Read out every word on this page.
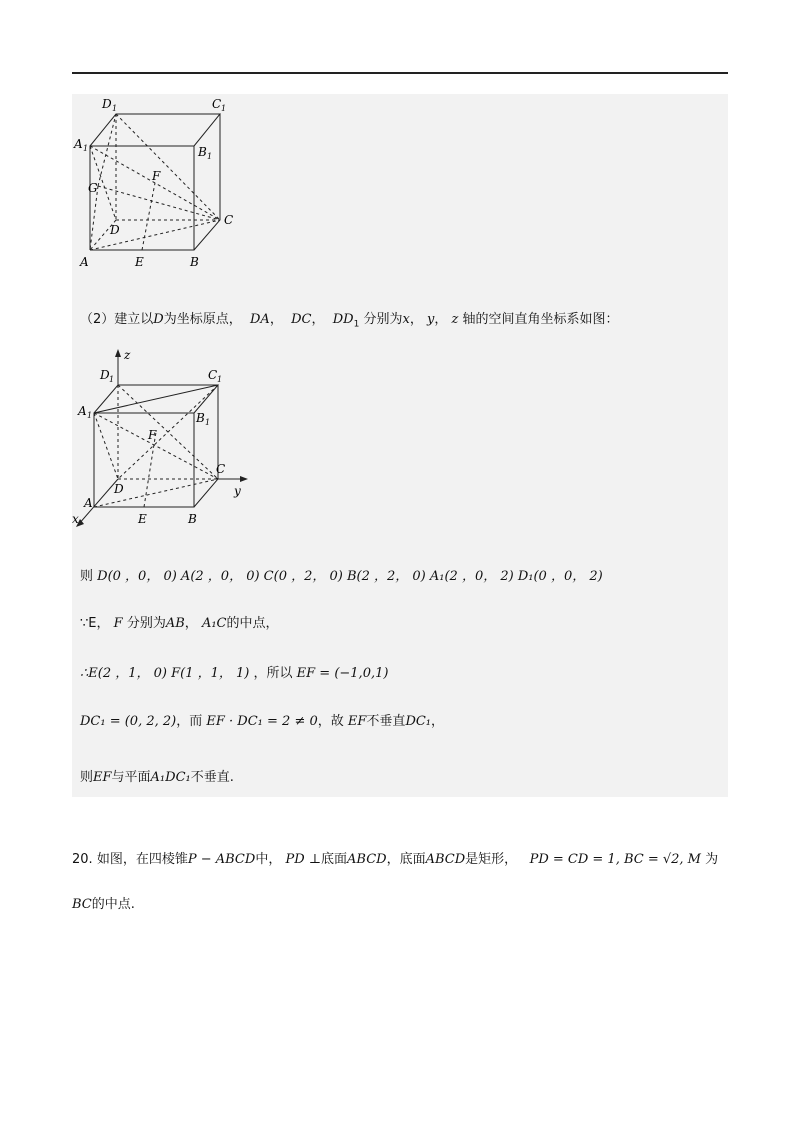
D 1	C 1
A 1	B 1
G
F
C
D
A	E	B
（2）建立以D为坐标原点， DA，  DC，  $DD_1$ 分别为x， y， z 轴的空间直角坐标系如图：
z
D 1	C 1
A 1	B 1
F
C
D	y
A
x	E	B
则 D(0 ，0， 0) A(2 ，0， 0) C(0 ，2， 0) B(2 ，2， 0) A₁(2 ，0， 2) D₁(0 ，0， 2)
∵E， F 分别为AB， A₁C的中点，
∴E(2 ，1， 0) F(1 ，1， 1) ，所以 EF = (−1,0,1)
DC₁ = (0, 2, 2)，而 EF · DC₁ = 2 ≠ 0，故 EF不垂直DC₁，
则EF与平面A₁DC₁不垂直.
20. 如图，在四棱锥P − ABCD中， PD ⊥底面ABCD，底面ABCD是矩形， PD = CD = 1, BC = √2, M 为
BC的中点.
